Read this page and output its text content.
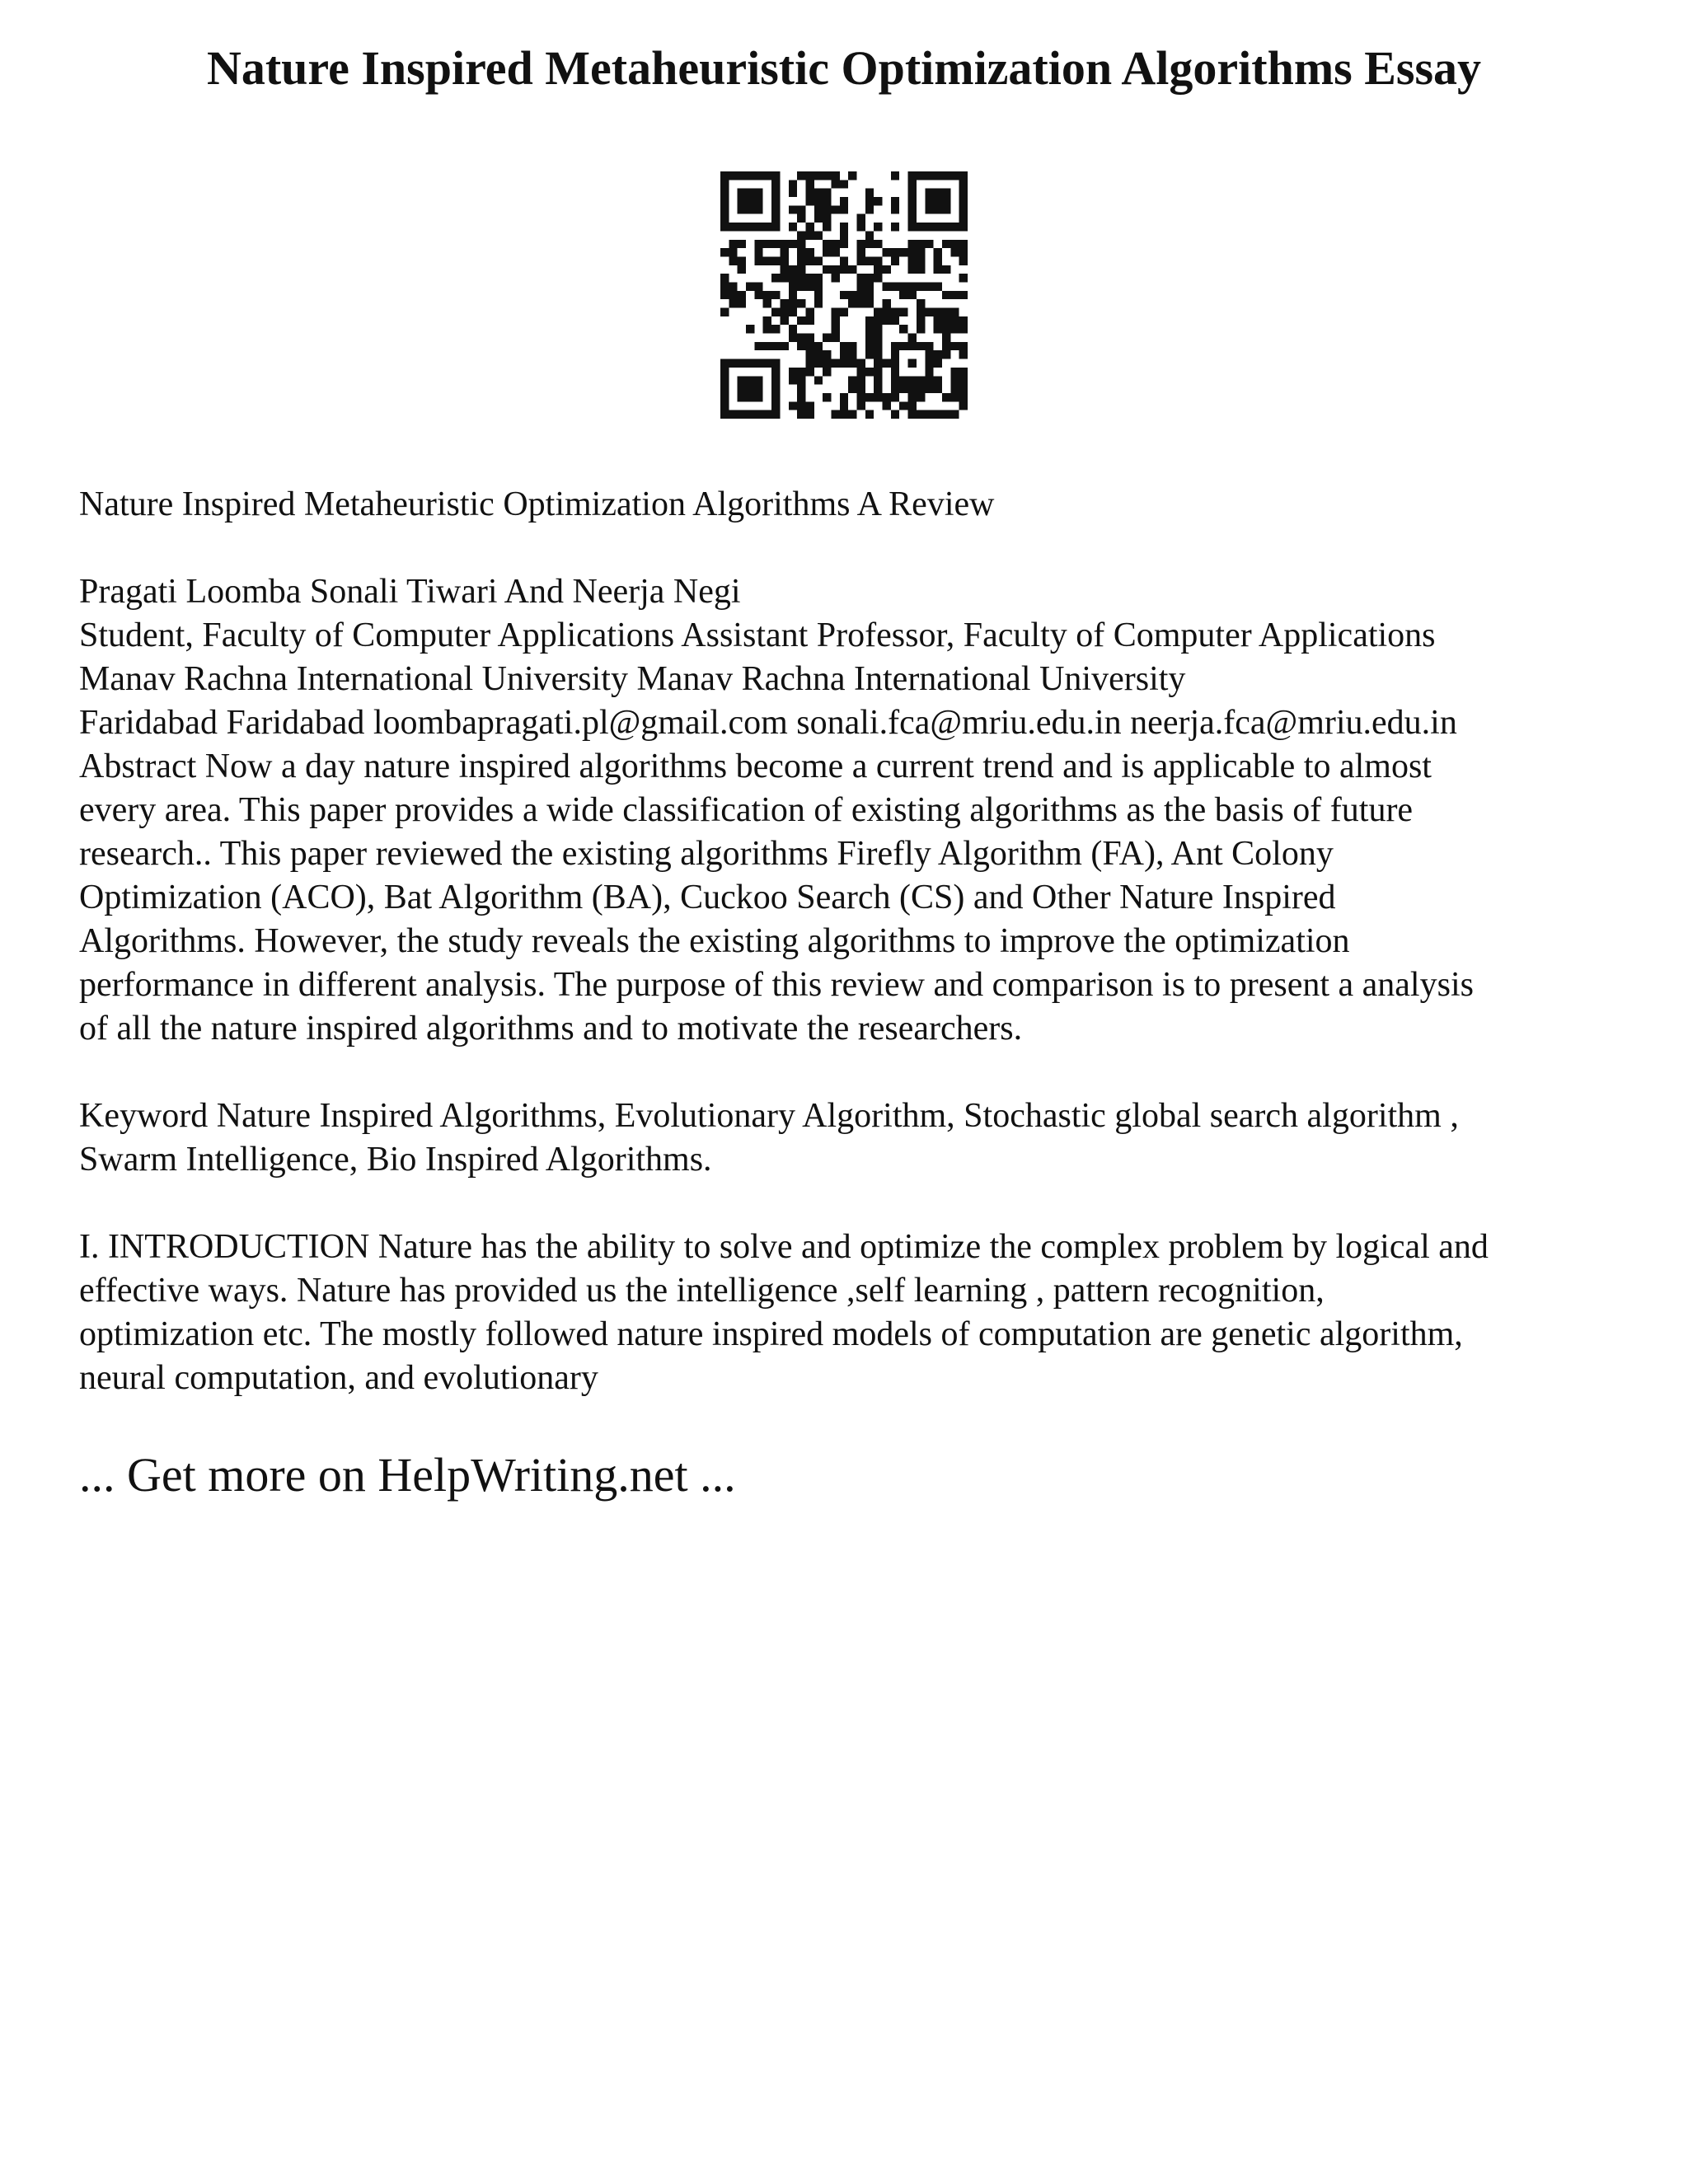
Nature Inspired Metaheuristic Optimization Algorithms Essay

Nature Inspired Metaheuristic Optimization Algorithms A Review

Pragati Loomba Sonali Tiwari And Neerja Negi
Student, Faculty of Computer Applications Assistant Professor, Faculty of Computer Applications
Manav Rachna International University Manav Rachna International University
Faridabad Faridabad loombapragati.pl@gmail.com sonali.fca@mriu.edu.in neerja.fca@mriu.edu.in
Abstract Now a day nature inspired algorithms become a current trend and is applicable to almost
every area. This paper provides a wide classification of existing algorithms as the basis of future
research.. This paper reviewed the existing algorithms Firefly Algorithm (FA), Ant Colony
Optimization (ACO), Bat Algorithm (BA), Cuckoo Search (CS) and Other Nature Inspired
Algorithms. However, the study reveals the existing algorithms to improve the optimization
performance in different analysis. The purpose of this review and comparison is to present a analysis
of all the nature inspired algorithms and to motivate the researchers.
Keyword Nature Inspired Algorithms, Evolutionary Algorithm, Stochastic global search algorithm ,
Swarm Intelligence, Bio Inspired Algorithms.
I. INTRODUCTION Nature has the ability to solve and optimize the complex problem by logical and
effective ways. Nature has provided us the intelligence ,self learning , pattern recognition,
optimization etc. The mostly followed nature inspired models of computation are genetic algorithm,
neural computation, and evolutionary

... Get more on HelpWriting.net ...
